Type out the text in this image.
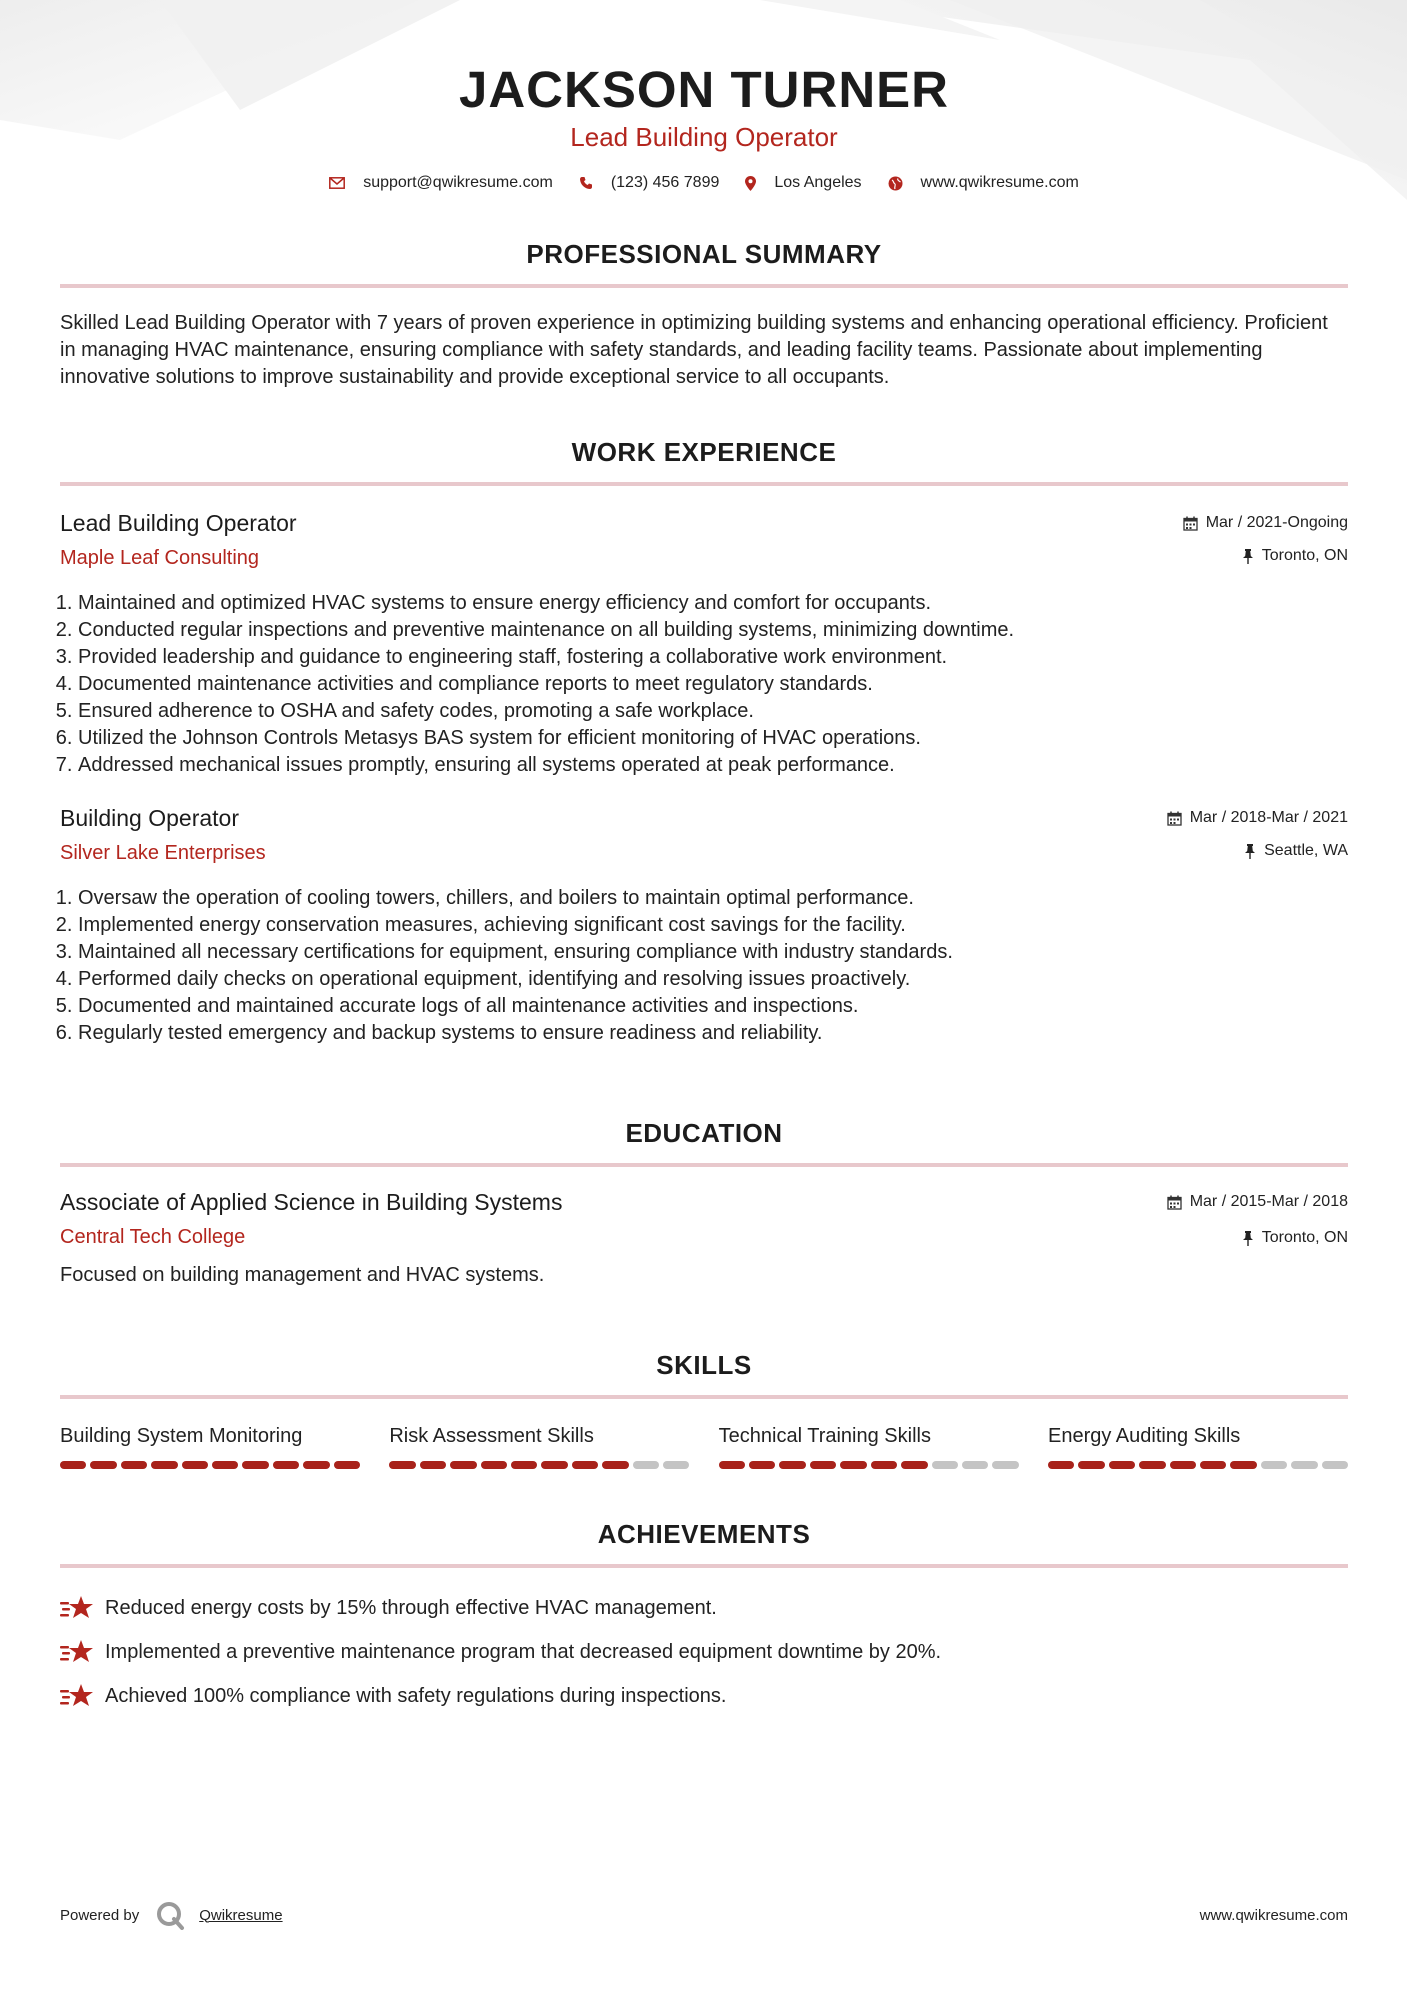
JACKSON TURNER
Lead Building Operator
support@qwikresume.com	(123) 456 7899	Los Angeles	www.qwikresume.com
PROFESSIONAL SUMMARY
Skilled Lead Building Operator with 7 years of proven experience in optimizing building systems and enhancing operational efficiency. Proficient in managing HVAC maintenance, ensuring compliance with safety standards, and leading facility teams. Passionate about implementing innovative solutions to improve sustainability and provide exceptional service to all occupants.
WORK EXPERIENCE
Lead Building Operator
Maple Leaf Consulting
Mar / 2021-Ongoing
Toronto, ON
1. Maintained and optimized HVAC systems to ensure energy efficiency and comfort for occupants.
2. Conducted regular inspections and preventive maintenance on all building systems, minimizing downtime.
3. Provided leadership and guidance to engineering staff, fostering a collaborative work environment.
4. Documented maintenance activities and compliance reports to meet regulatory standards.
5. Ensured adherence to OSHA and safety codes, promoting a safe workplace.
6. Utilized the Johnson Controls Metasys BAS system for efficient monitoring of HVAC operations.
7. Addressed mechanical issues promptly, ensuring all systems operated at peak performance.
Building Operator
Silver Lake Enterprises
Mar / 2018-Mar / 2021
Seattle, WA
1. Oversaw the operation of cooling towers, chillers, and boilers to maintain optimal performance.
2. Implemented energy conservation measures, achieving significant cost savings for the facility.
3. Maintained all necessary certifications for equipment, ensuring compliance with industry standards.
4. Performed daily checks on operational equipment, identifying and resolving issues proactively.
5. Documented and maintained accurate logs of all maintenance activities and inspections.
6. Regularly tested emergency and backup systems to ensure readiness and reliability.
EDUCATION
Associate of Applied Science in Building Systems
Central Tech College
Mar / 2015-Mar / 2018
Toronto, ON
Focused on building management and HVAC systems.
SKILLS
Building System Monitoring	Risk Assessment Skills	Technical Training Skills	Energy Auditing Skills
ACHIEVEMENTS
Reduced energy costs by 15% through effective HVAC management.
Implemented a preventive maintenance program that decreased equipment downtime by 20%.
Achieved 100% compliance with safety regulations during inspections.
Powered by	Qwikresume	www.qwikresume.com
